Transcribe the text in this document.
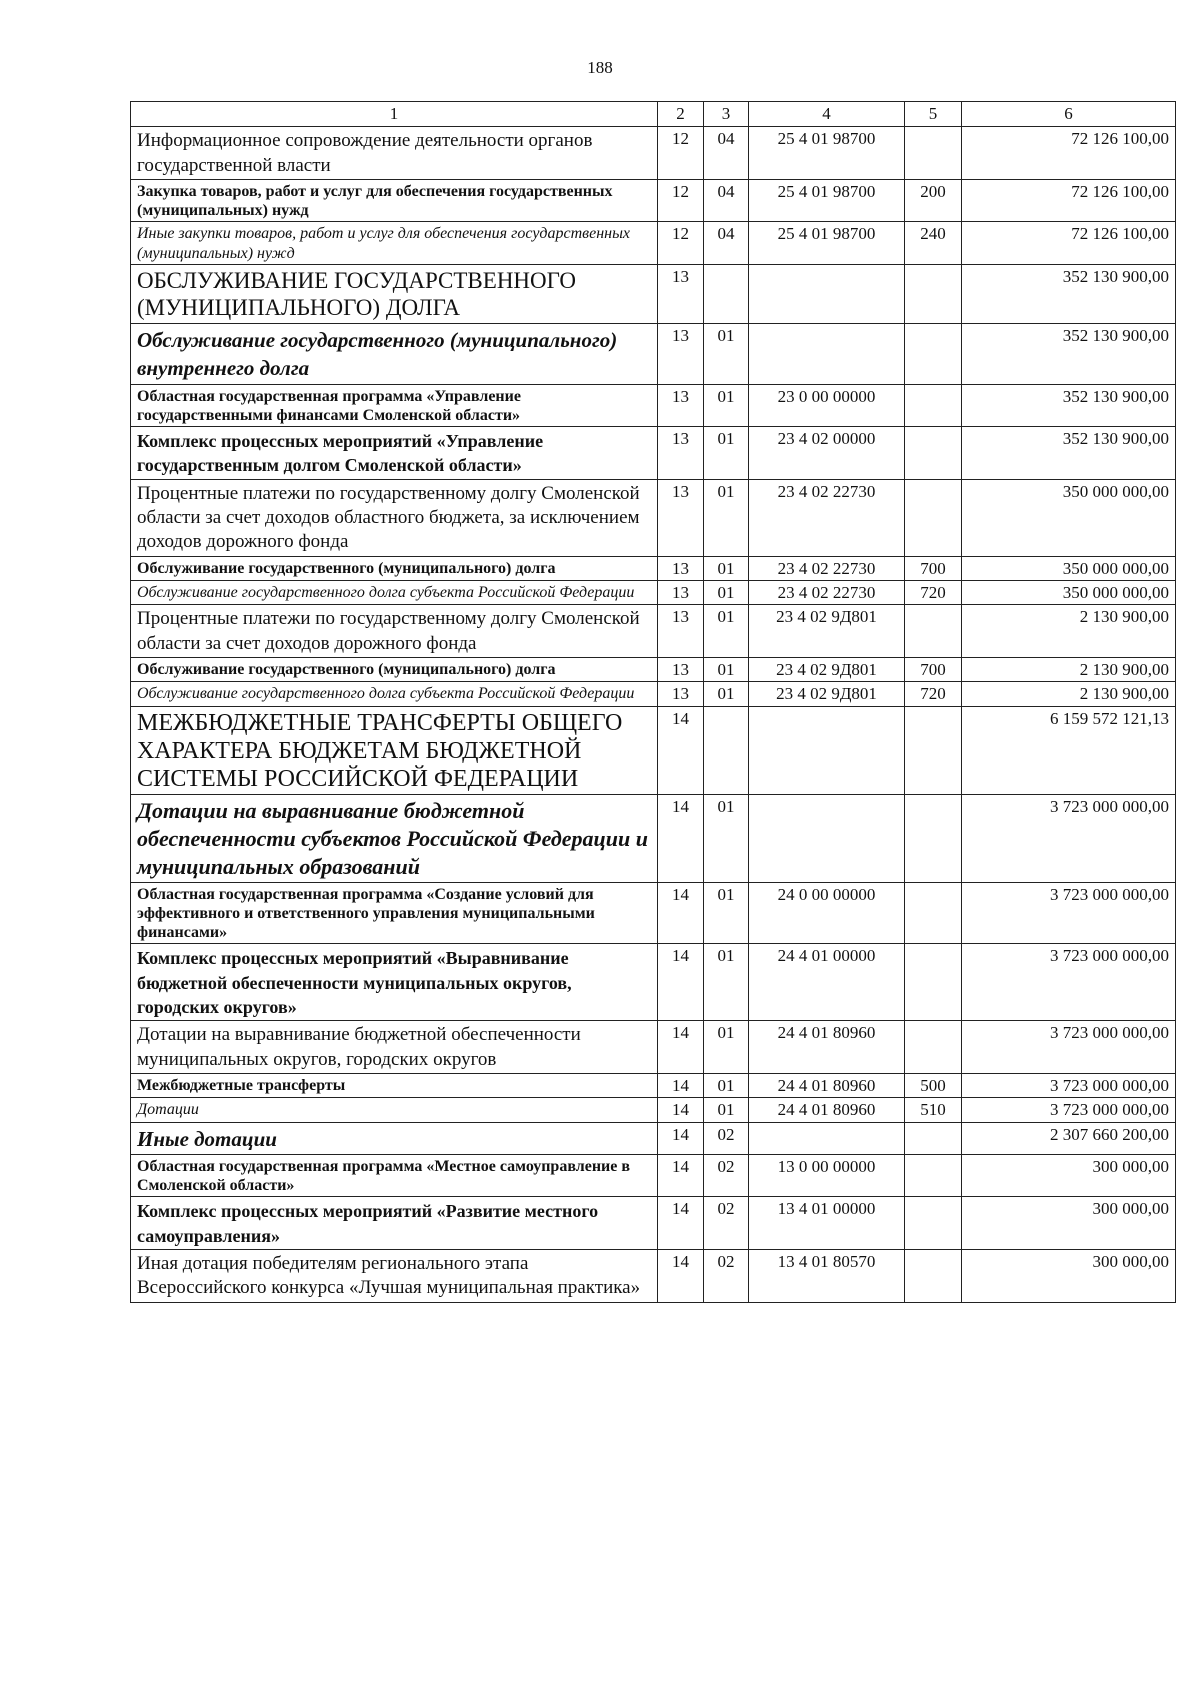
188
1	2	3	4	5	6
Информационное сопровождение деятельности органов государственной власти	12	04	25 4 01 98700		72 126 100,00
Закупка товаров, работ и услуг для обеспечения государственных (муниципальных) нужд	12	04	25 4 01 98700	200	72 126 100,00
Иные закупки товаров, работ и услуг для обеспечения государственных (муниципальных) нужд	12	04	25 4 01 98700	240	72 126 100,00
ОБСЛУЖИВАНИЕ ГОСУДАРСТВЕННОГО (МУНИЦИПАЛЬНОГО) ДОЛГА	13				352 130 900,00
Обслуживание государственного (муниципального) внутреннего долга	13	01			352 130 900,00
Областная государственная программа «Управление государственными финансами Смоленской области»	13	01	23 0 00 00000		352 130 900,00
Комплекс процессных мероприятий «Управление государственным долгом Смоленской области»	13	01	23 4 02 00000		352 130 900,00
Процентные платежи по государственному долгу Смоленской области за счет доходов областного бюджета, за исключением доходов дорожного фонда	13	01	23 4 02 22730		350 000 000,00
Обслуживание государственного (муниципального) долга	13	01	23 4 02 22730	700	350 000 000,00
Обслуживание государственного долга субъекта Российской Федерации	13	01	23 4 02 22730	720	350 000 000,00
Процентные платежи по государственному долгу Смоленской области за счет доходов дорожного фонда	13	01	23 4 02 9Д801		2 130 900,00
Обслуживание государственного (муниципального) долга	13	01	23 4 02 9Д801	700	2 130 900,00
Обслуживание государственного долга субъекта Российской Федерации	13	01	23 4 02 9Д801	720	2 130 900,00
МЕЖБЮДЖЕТНЫЕ ТРАНСФЕРТЫ ОБЩЕГО ХАРАКТЕРА БЮДЖЕТАМ БЮДЖЕТНОЙ СИСТЕМЫ РОССИЙСКОЙ ФЕДЕРАЦИИ	14				6 159 572 121,13
Дотации на выравнивание бюджетной обеспеченности субъектов Российской Федерации и муниципальных образований	14	01			3 723 000 000,00
Областная государственная программа «Создание условий для эффективного и ответственного управления муниципальными финансами»	14	01	24 0 00 00000		3 723 000 000,00
Комплекс процессных мероприятий «Выравнивание бюджетной обеспеченности муниципальных округов, городских округов»	14	01	24 4 01 00000		3 723 000 000,00
Дотации на выравнивание бюджетной обеспеченности муниципальных округов, городских округов	14	01	24 4 01 80960		3 723 000 000,00
Межбюджетные трансферты	14	01	24 4 01 80960	500	3 723 000 000,00
Дотации	14	01	24 4 01 80960	510	3 723 000 000,00
Иные дотации	14	02			2 307 660 200,00
Областная государственная программа «Местное самоуправление в Смоленской области»	14	02	13 0 00 00000		300 000,00
Комплекс процессных мероприятий «Развитие местного самоуправления»	14	02	13 4 01 00000		300 000,00
Иная дотация победителям регионального этапа Всероссийского конкурса «Лучшая муниципальная практика»	14	02	13 4 01 80570		300 000,00
